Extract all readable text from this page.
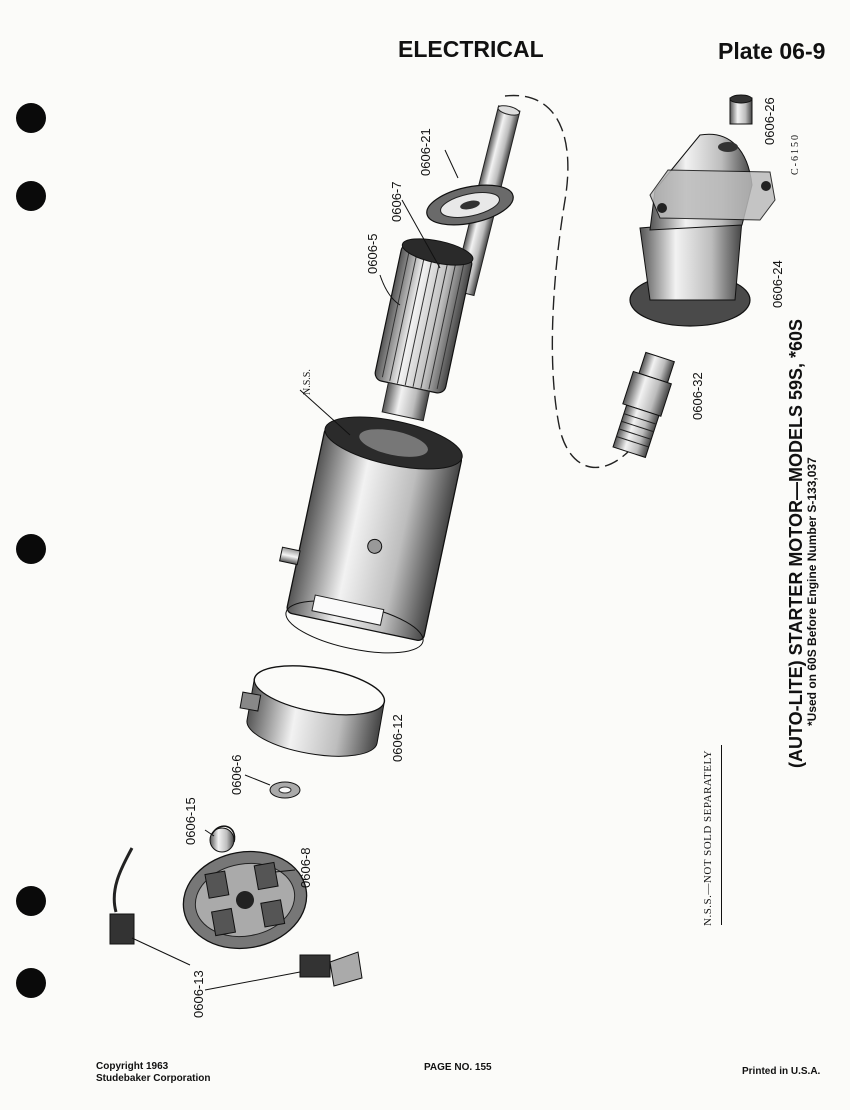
ELECTRICAL	Plate 06-9
0606-21
0606-7
0606-5
0606-26
C-6150
0606-24
0606-32
N.S.S.
0606-12
0606-6
0606-15
0606-8
0606-13
N.S.S.—NOT SOLD SEPARATELY
(AUTO-LITE) STARTER MOTOR—MODELS 59S, *60S *Used on 60S Before Engine Number S-133,037
Copyright 1963
Studebaker Corporation
PAGE NO. 155	Printed in U.S.A.
